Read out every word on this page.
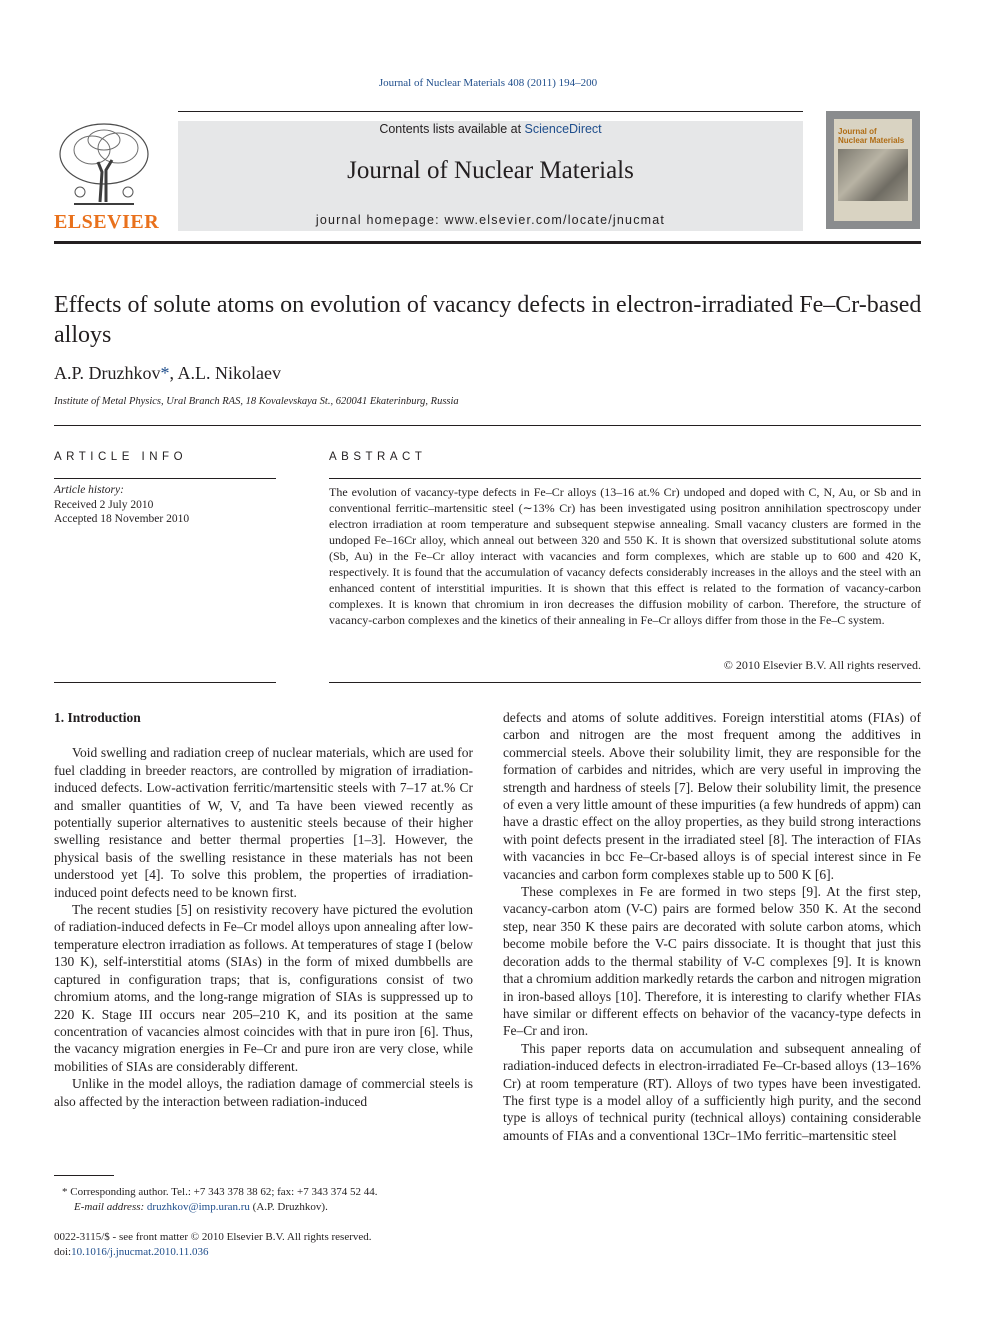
Journal of Nuclear Materials 408 (2011) 194–200
ELSEVIER
Contents lists available at ScienceDirect
Journal of Nuclear Materials
journal homepage: www.elsevier.com/locate/jnucmat
Journal of Nuclear Materials
Effects of solute atoms on evolution of vacancy defects in electron-irradiated Fe–Cr-based alloys
A.P. Druzhkov*, A.L. Nikolaev
Institute of Metal Physics, Ural Branch RAS, 18 Kovalevskaya St., 620041 Ekaterinburg, Russia
ARTICLE INFO
Article history:
Received 2 July 2010
Accepted 18 November 2010
ABSTRACT
The evolution of vacancy-type defects in Fe–Cr alloys (13–16 at.% Cr) undoped and doped with C, N, Au, or Sb and in conventional ferritic–martensitic steel (∼13% Cr) has been investigated using positron annihilation spectroscopy under electron irradiation at room temperature and subsequent stepwise annealing. Small vacancy clusters are formed in the undoped Fe–16Cr alloy, which anneal out between 320 and 550 K. It is shown that oversized substitutional solute atoms (Sb, Au) in the Fe–Cr alloy interact with vacancies and form complexes, which are stable up to 600 and 420 K, respectively. It is found that the accumulation of vacancy defects considerably increases in the alloys and the steel with an enhanced content of interstitial impurities. It is shown that this effect is related to the formation of vacancy-carbon complexes. It is known that chromium in iron decreases the diffusion mobility of carbon. Therefore, the structure of vacancy-carbon complexes and the kinetics of their annealing in Fe–Cr alloys differ from those in the Fe–C system.
© 2010 Elsevier B.V. All rights reserved.
1. Introduction

Void swelling and radiation creep of nuclear materials, which are used for fuel cladding in breeder reactors, are controlled by migration of irradiation-induced defects. Low-activation ferritic/martensitic steels with 7–17 at.% Cr and smaller quantities of W, V, and Ta have been viewed recently as potentially superior alternatives to austenitic steels because of their higher swelling resistance and better thermal properties [1–3]. However, the physical basis of the swelling resistance in these materials has not been understood yet [4]. To solve this problem, the properties of irradiation-induced point defects need to be known first.

The recent studies [5] on resistivity recovery have pictured the evolution of radiation-induced defects in Fe–Cr model alloys upon annealing after low-temperature electron irradiation as follows. At temperatures of stage I (below 130 K), self-interstitial atoms (SIAs) in the form of mixed dumbbells are captured in configuration traps; that is, configurations consist of two chromium atoms, and the long-range migration of SIAs is suppressed up to 220 K. Stage III occurs near 205–210 K, and its position at the same concentration of vacancies almost coincides with that in pure iron [6]. Thus, the vacancy migration energies in Fe–Cr and pure iron are very close, while mobilities of SIAs are considerably different.

Unlike in the model alloys, the radiation damage of commercial steels is also affected by the interaction between radiation-induced

defects and atoms of solute additives. Foreign interstitial atoms (FIAs) of carbon and nitrogen are the most frequent among the additives in commercial steels. Above their solubility limit, they are responsible for the formation of carbides and nitrides, which are very useful in improving the strength and hardness of steels [7]. Below their solubility limit, the presence of even a very little amount of these impurities (a few hundreds of appm) can have a drastic effect on the alloy properties, as they build strong interactions with point defects present in the irradiated steel [8]. The interaction of FIAs with vacancies in bcc Fe–Cr-based alloys is of special interest since in Fe vacancies and carbon form complexes stable up to 500 K [6].

These complexes in Fe are formed in two steps [9]. At the first step, vacancy-carbon atom (V-C) pairs are formed below 350 K. At the second step, near 350 K these pairs are decorated with solute carbon atoms, which become mobile before the V-C pairs dissociate. It is thought that just this decoration adds to the thermal stability of V-C complexes [9]. It is known that a chromium addition markedly retards the carbon and nitrogen migration in iron-based alloys [10]. Therefore, it is interesting to clarify whether FIAs have similar or different effects on behavior of the vacancy-type defects in Fe–Cr and iron.

This paper reports data on accumulation and subsequent annealing of radiation-induced defects in electron-irradiated Fe–Cr-based alloys (13–16% Cr) at room temperature (RT). Alloys of two types have been investigated. The first type is a model alloy of a sufficiently high purity, and the second type is alloys of technical purity (technical alloys) containing considerable amounts of FIAs and a conventional 13Cr–1Mo ferritic–martensitic steel

* Corresponding author. Tel.: +7 343 378 38 62; fax: +7 343 374 52 44.
E-mail address: druzhkov@imp.uran.ru (A.P. Druzhkov).
0022-3115/$ - see front matter © 2010 Elsevier B.V. All rights reserved.
doi:10.1016/j.jnucmat.2010.11.036
